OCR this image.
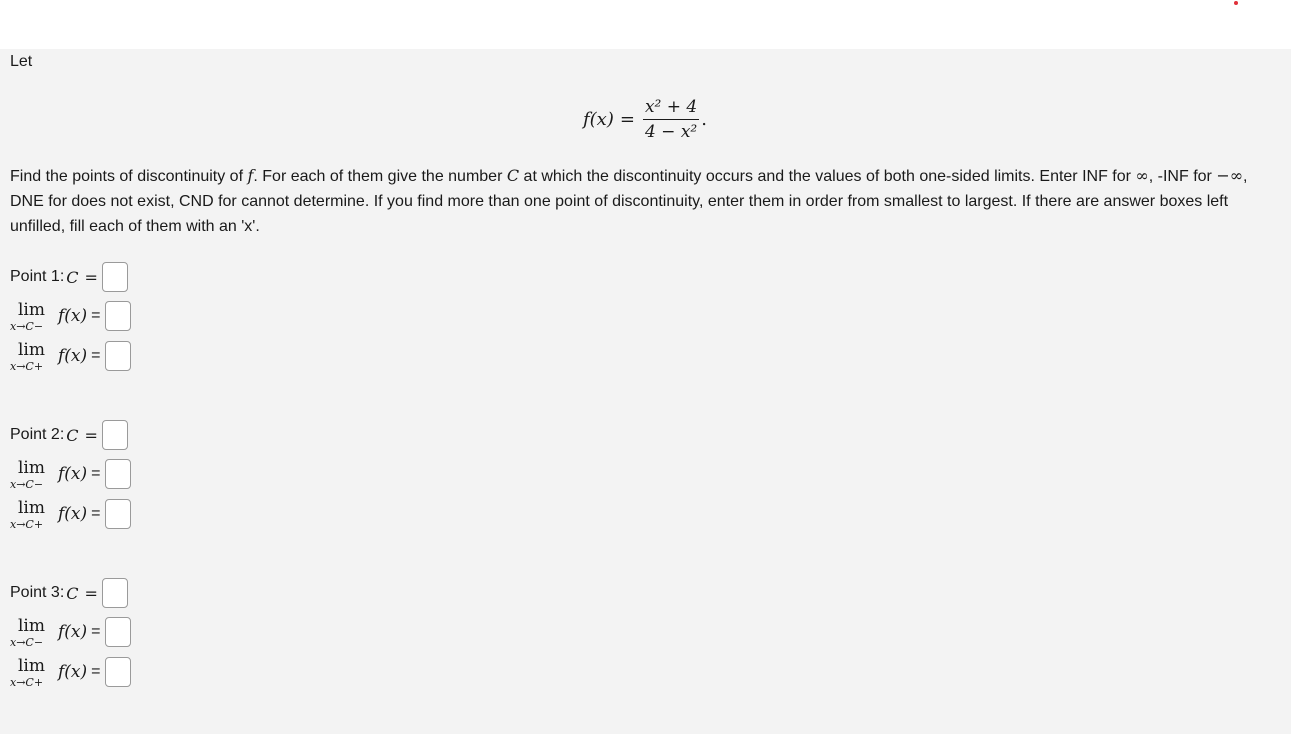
Let
$f(x) = \frac{\text{x² + 4}}{\text{4 − x²}}$ .
Find the points of discontinuity of f. For each of them give the number C at which the discontinuity occurs and the values of both one-sided limits. Enter INF for ∞, -INF for −∞, DNE for does not exist, CND for cannot determine. If you find more than one point of discontinuity, enter them in order from smallest to largest. If there are answer boxes left unfilled, fill each of them with an 'x'.
Point 1: C =
lim
x→C−
f(x) =
lim
x→C+
f(x) =
Point 2: C =
lim
x→C−
f(x) =
lim
x→C+
f(x) =
Point 3: C =
lim
x→C−
f(x) =
lim
x→C+
f(x) =
